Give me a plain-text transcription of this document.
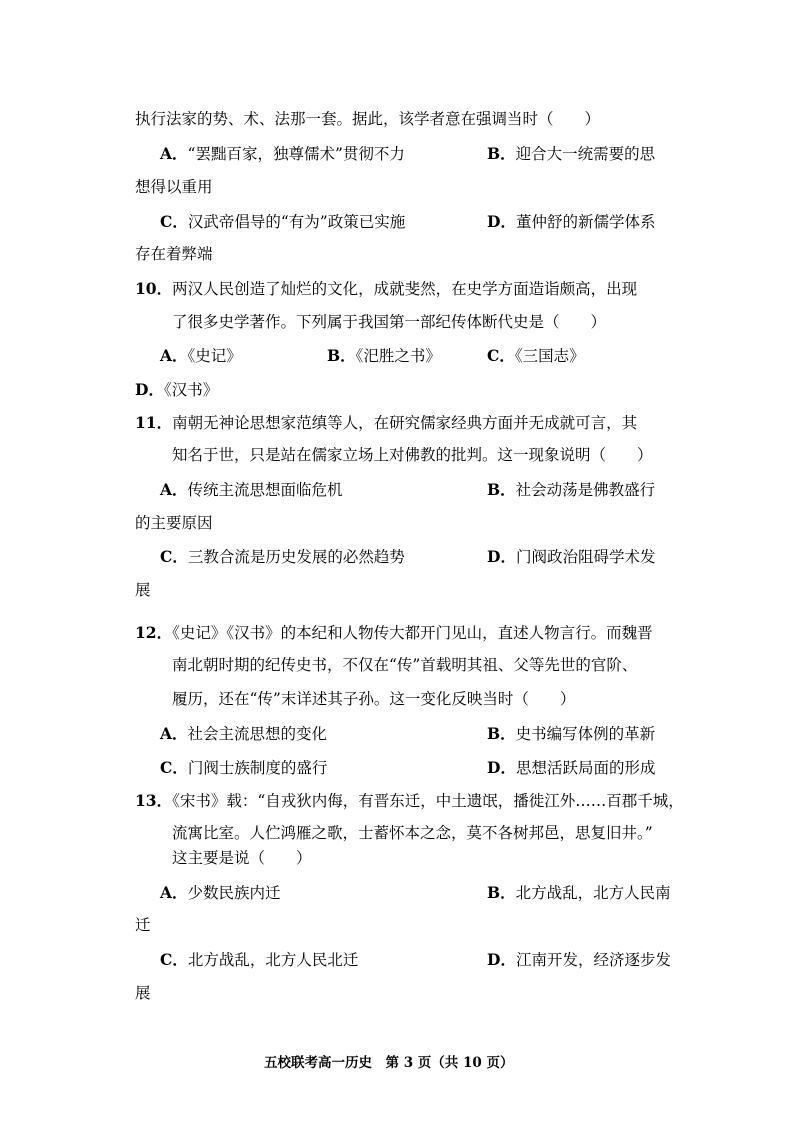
执行法家的势、术、法那一套。据此，该学者意在强调当时（　　）
A．“罢黜百家，独尊儒术”贯彻不力	B．迎合大一统需要的思
想得以重用
C．汉武帝倡导的“有为”政策已实施	D．董仲舒的新儒学体系
存在着弊端
10．两汉人民创造了灿烂的文化，成就斐然，在史学方面造诣颇高，出现
了很多史学著作。下列属于我国第一部纪传体断代史是（　　）
A．《史记》	B．《汜胜之书》	C．《三国志》
D．《汉书》
11．南朝无神论思想家范缜等人，在研究儒家经典方面并无成就可言，其
知名于世，只是站在儒家立场上对佛教的批判。这一现象说明（　　）
A．传统主流思想面临危机	B．社会动荡是佛教盛行
的主要原因
C．三教合流是历史发展的必然趋势	D．门阀政治阻碍学术发
展
12．《史记》《汉书》的本纪和人物传大都开门见山，直述人物言行。而魏晋
南北朝时期的纪传史书，不仅在“传”首载明其祖、父等先世的官阶、
履历，还在“传”末详述其子孙。这一变化反映当时（　　）
A．社会主流思想的变化	B．史书编写体例的革新
C．门阀士族制度的盛行	D．思想活跃局面的形成
13．《宋书》载：“自戎狄内侮，有晋东迁，中土遗氓，播徙江外……百郡千城，
流寓比室。人伫鸿雁之歌，士蓄怀本之念，莫不各树邦邑，思复旧井。”
这主要是说（　　）
A．少数民族内迁	B．北方战乱，北方人民南
迁
C．北方战乱，北方人民北迁	D．江南开发，经济逐步发
展
五校联考高一历史　第 3 页（共 10 页）
